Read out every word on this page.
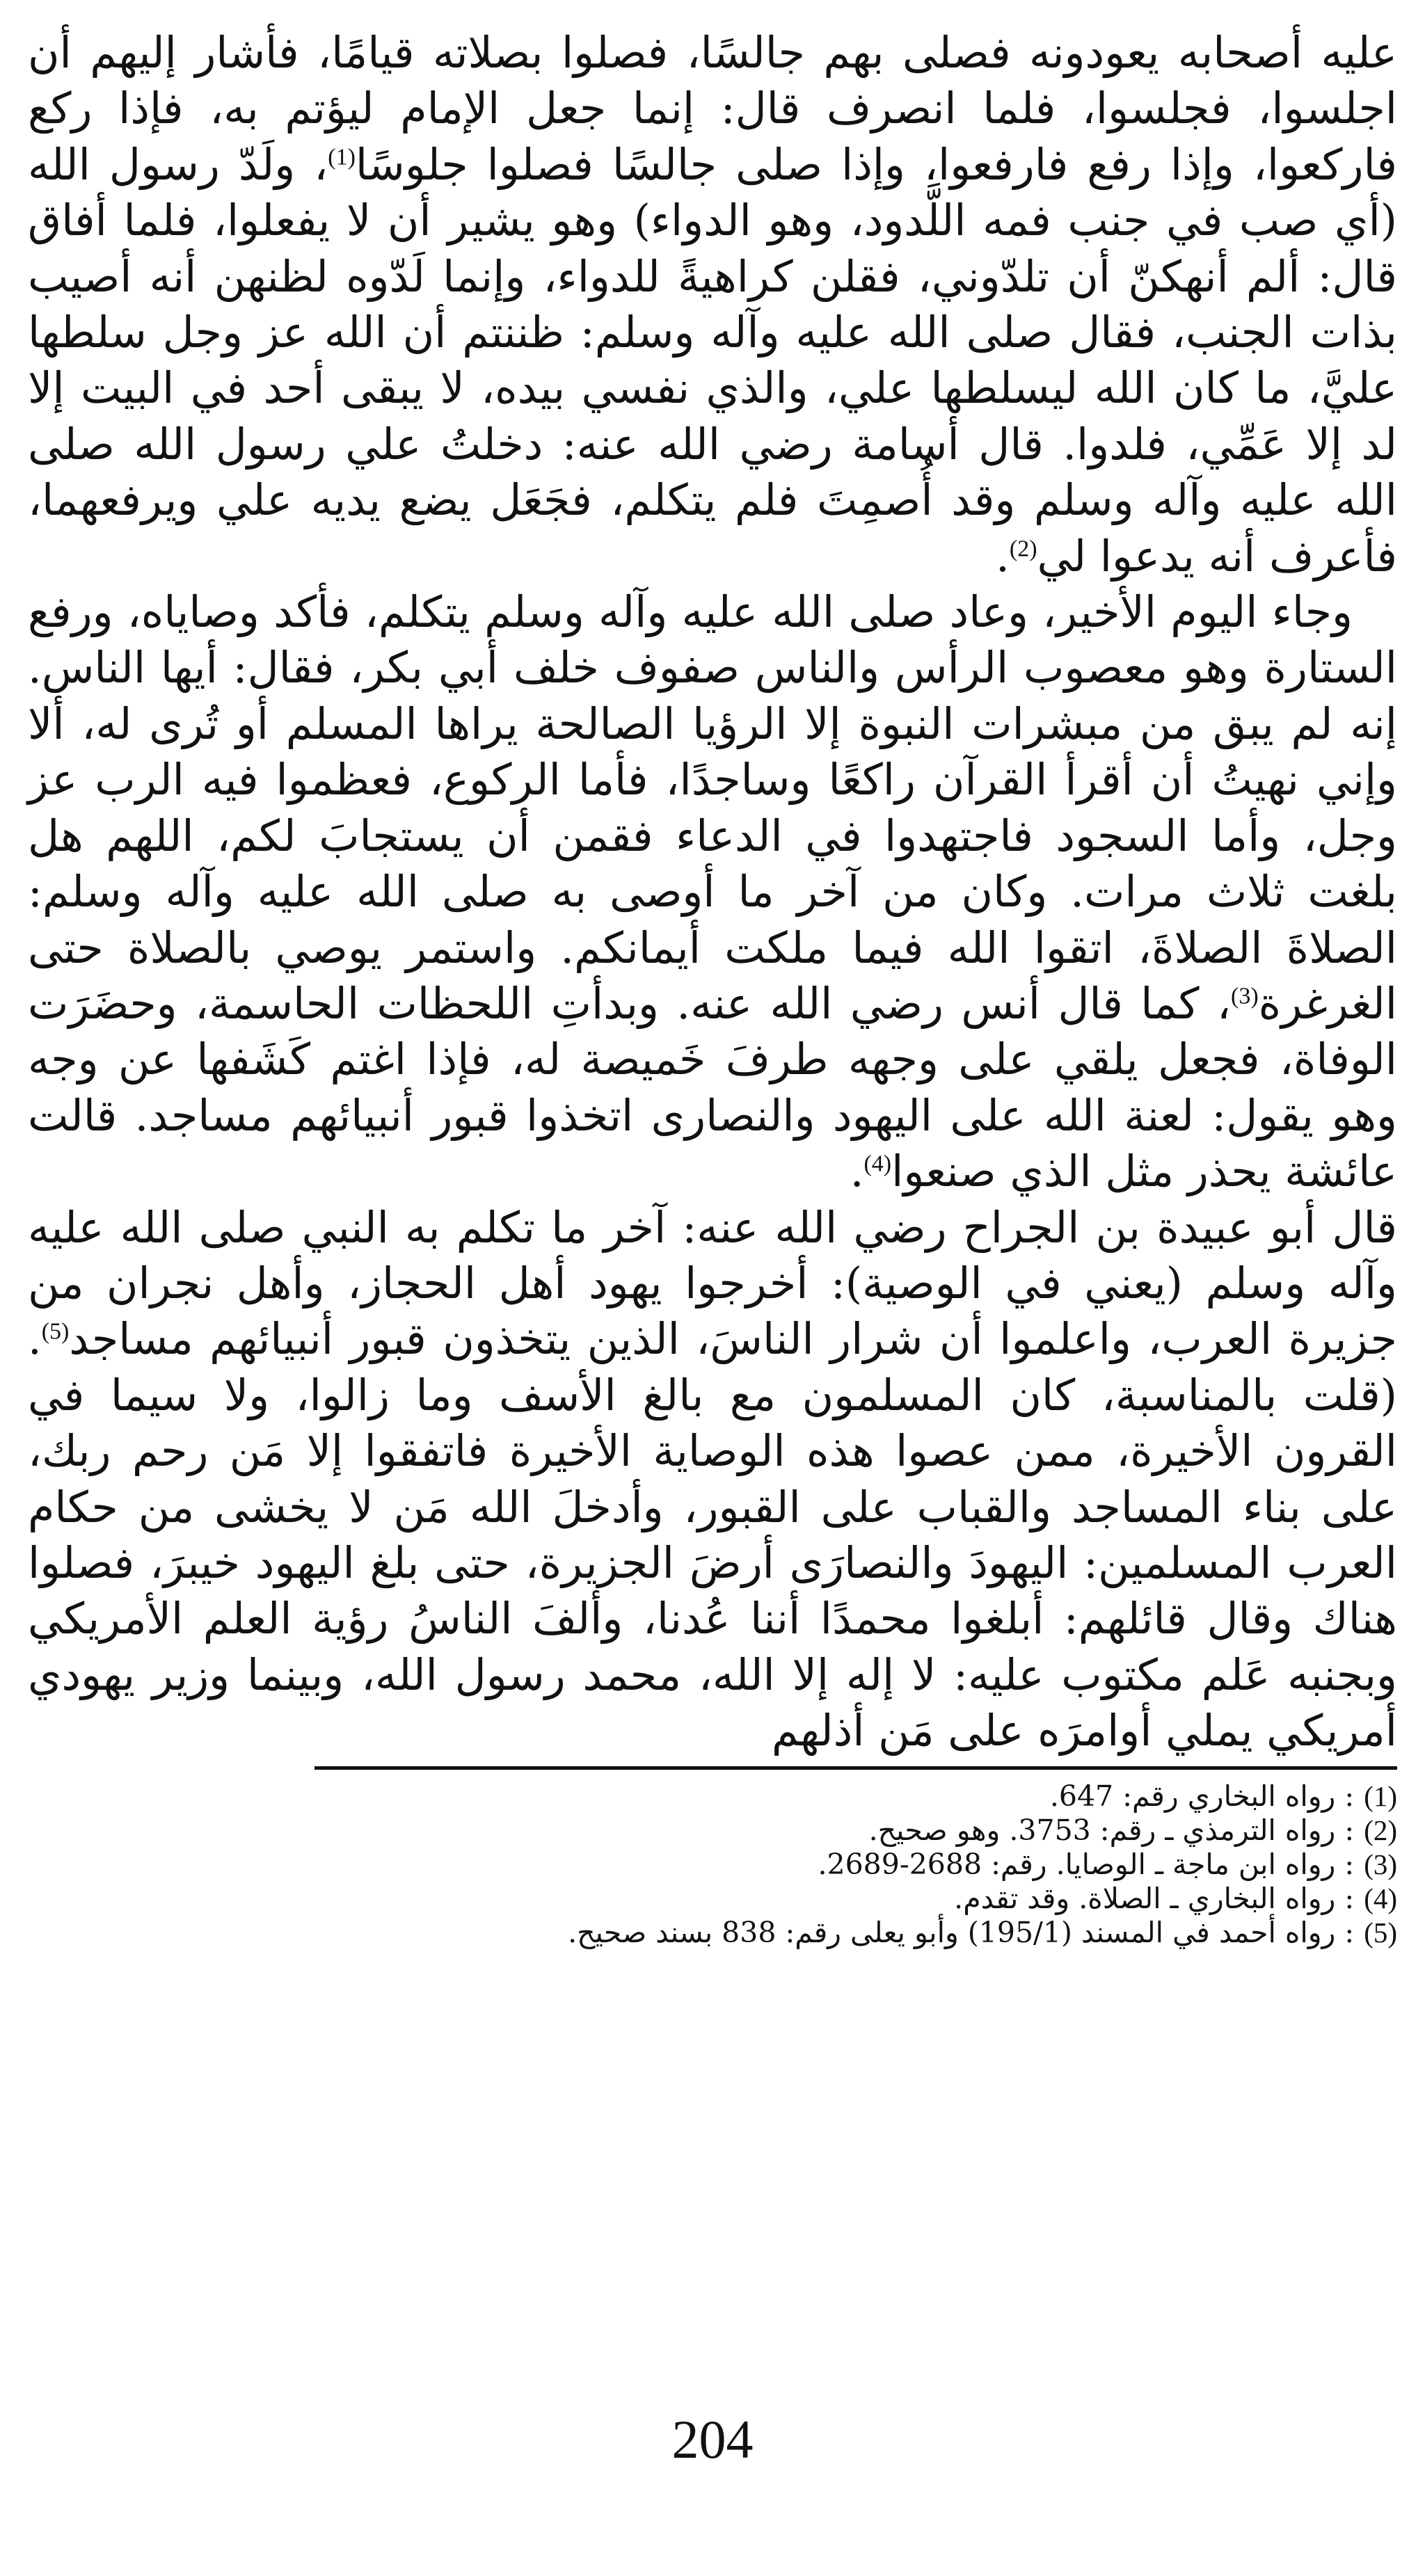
عليه أصحابه يعودونه فصلى بهم جالسًا، فصلوا بصلاته قيامًا، فأشار إليهم أن اجلسوا، فجلسوا، فلما انصرف قال: إنما جعل الإمام ليؤتم به، فإذا ركع فاركعوا، وإذا رفع فارفعوا، وإذا صلى جالسًا فصلوا جلوسًا$^{(1)}$، ولَدّ رسول الله (أي صب في جنب فمه اللَّدود، وهو الدواء) وهو يشير أن لا يفعلوا، فلما أفاق قال: ألم أنهكنّ أن تلدّوني، فقلن كراهيةً للدواء، وإنما لَدّوه لظنهن أنه أصيب بذات الجنب، فقال صلى الله عليه وآله وسلم: ظننتم أن الله عز وجل سلطها عليَّ، ما كان الله ليسلطها علي، والذي نفسي بيده، لا يبقى أحد في البيت إلا لد إلا عَمِّي، فلدوا. قال أسامة رضي الله عنه: دخلتُ علي رسول الله صلى الله عليه وآله وسلم وقد أُصمِتَ فلم يتكلم، فجَعَل يضع يديه علي ويرفعهما، فأعرف أنه يدعوا لي$^{(2)}$.

وجاء اليوم الأخير، وعاد صلى الله عليه وآله وسلم يتكلم، فأكد وصاياه، ورفع الستارة وهو معصوب الرأس والناس صفوف خلف أبي بكر، فقال: أيها الناس. إنه لم يبق من مبشرات النبوة إلا الرؤيا الصالحة يراها المسلم أو تُرى له، ألا وإني نهيتُ أن أقرأ القرآن راكعًا وساجدًا، فأما الركوع، فعظموا فيه الرب عز وجل، وأما السجود فاجتهدوا في الدعاء فقمن أن يستجابَ لكم، اللهم هل بلغت ثلاث مرات. وكان من آخر ما أوصى به صلى الله عليه وآله وسلم: الصلاةَ الصلاةَ، اتقوا الله فيما ملكت أيمانكم. واستمر يوصي بالصلاة حتى الغرغرة$^{(3)}$، كما قال أنس رضي الله عنه. وبدأتِ اللحظات الحاسمة، وحضَرَت الوفاة، فجعل يلقي على وجهه طرفَ خَميصة له، فإذا اغتم كَشَفها عن وجه وهو يقول: لعنة الله على اليهود والنصارى اتخذوا قبور أنبيائهم مساجد. قالت عائشة يحذر مثل الذي صنعوا$^{(4)}$.

قال أبو عبيدة بن الجراح رضي الله عنه: آخر ما تكلم به النبي صلى الله عليه وآله وسلم (يعني في الوصية): أخرجوا يهود أهل الحجاز، وأهل نجران من جزيرة العرب، واعلموا أن شرار الناسَ، الذين يتخذون قبور أنبيائهم مساجد$^{(5)}$. (قلت بالمناسبة، كان المسلمون مع بالغ الأسف وما زالوا، ولا سيما في القرون الأخيرة، ممن عصوا هذه الوصاية الأخيرة فاتفقوا إلا مَن رحم ربك، على بناء المساجد والقباب على القبور، وأدخلَ الله مَن لا يخشى من حكام العرب المسلمين: اليهودَ والنصارَى أرضَ الجزيرة، حتى بلغ اليهود خيبرَ، فصلوا هناك وقال قائلهم: أبلغوا محمدًا أننا عُدنا، وألفَ الناسُ رؤية العلم الأمريكي وبجنبه عَلم مكتوب عليه: لا إله إلا الله، محمد رسول الله، وبينما وزير يهودي أمريكي يملي أوامرَه على مَن أذلهم

(1)
: رواه البخاري رقم: 647.
(2)
: رواه الترمذي ـ رقم: 3753. وهو صحيح.
(3)
: رواه ابن ماجة ـ الوصايا. رقم: 2688-2689.
(4)
: رواه البخاري ـ الصلاة. وقد تقدم.
(5)
: رواه أحمد في المسند (195/1) وأبو يعلى رقم: 838 بسند صحيح.
204
